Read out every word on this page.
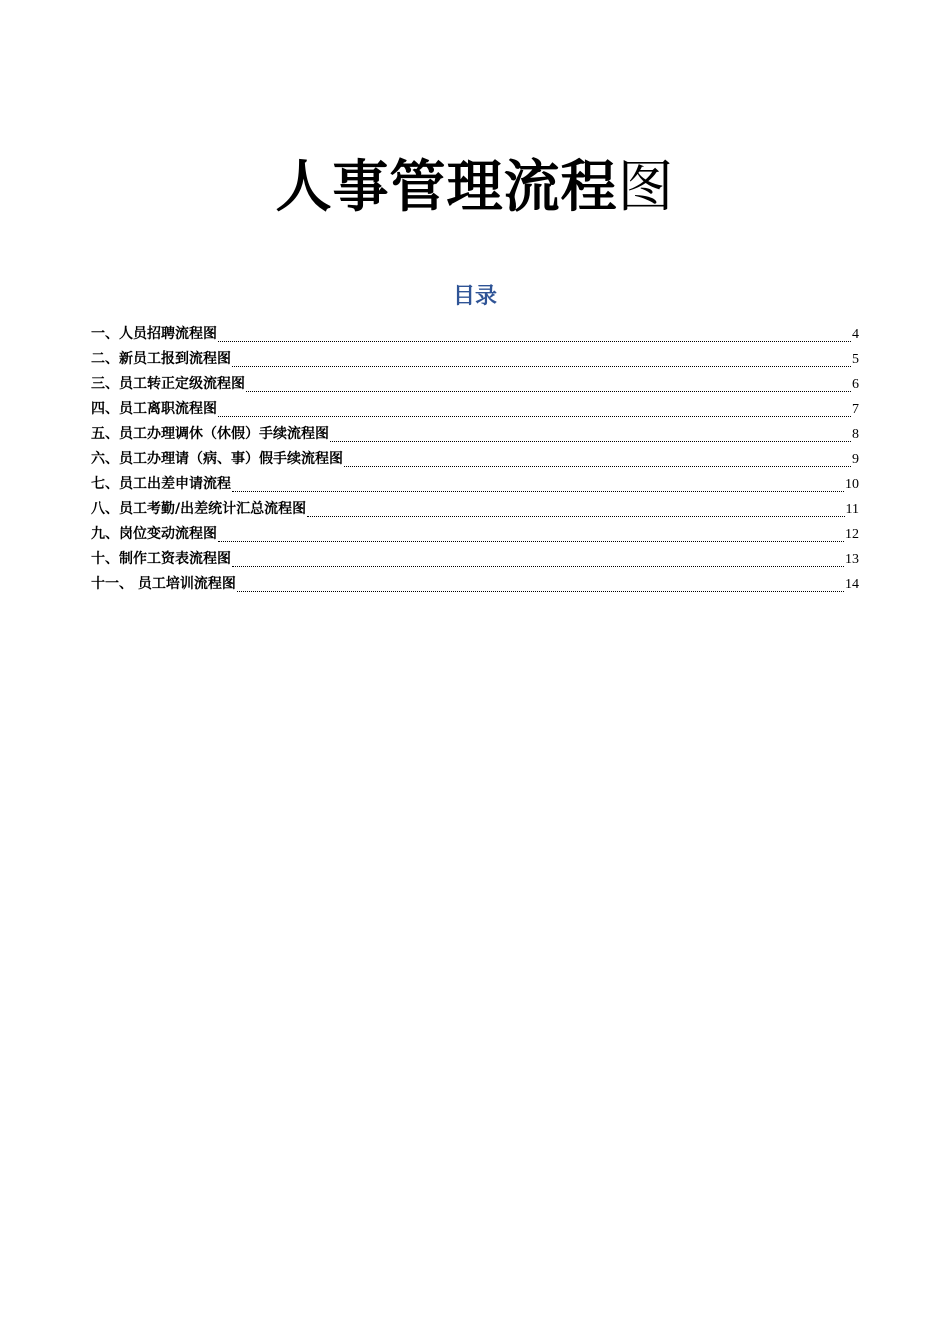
人事管理流程图
目录
一、人员招聘流程图	4
二、新员工报到流程图	5
三、员工转正定级流程图	6
四、员工离职流程图	7
五、员工办理调休（休假）手续流程图	8
六、员工办理请（病、事）假手续流程图	9
七、员工出差申请流程	10
八、员工考勤/出差统计汇总流程图	11
九、岗位变动流程图	12
十、制作工资表流程图	13
十一、 员工培训流程图	14
